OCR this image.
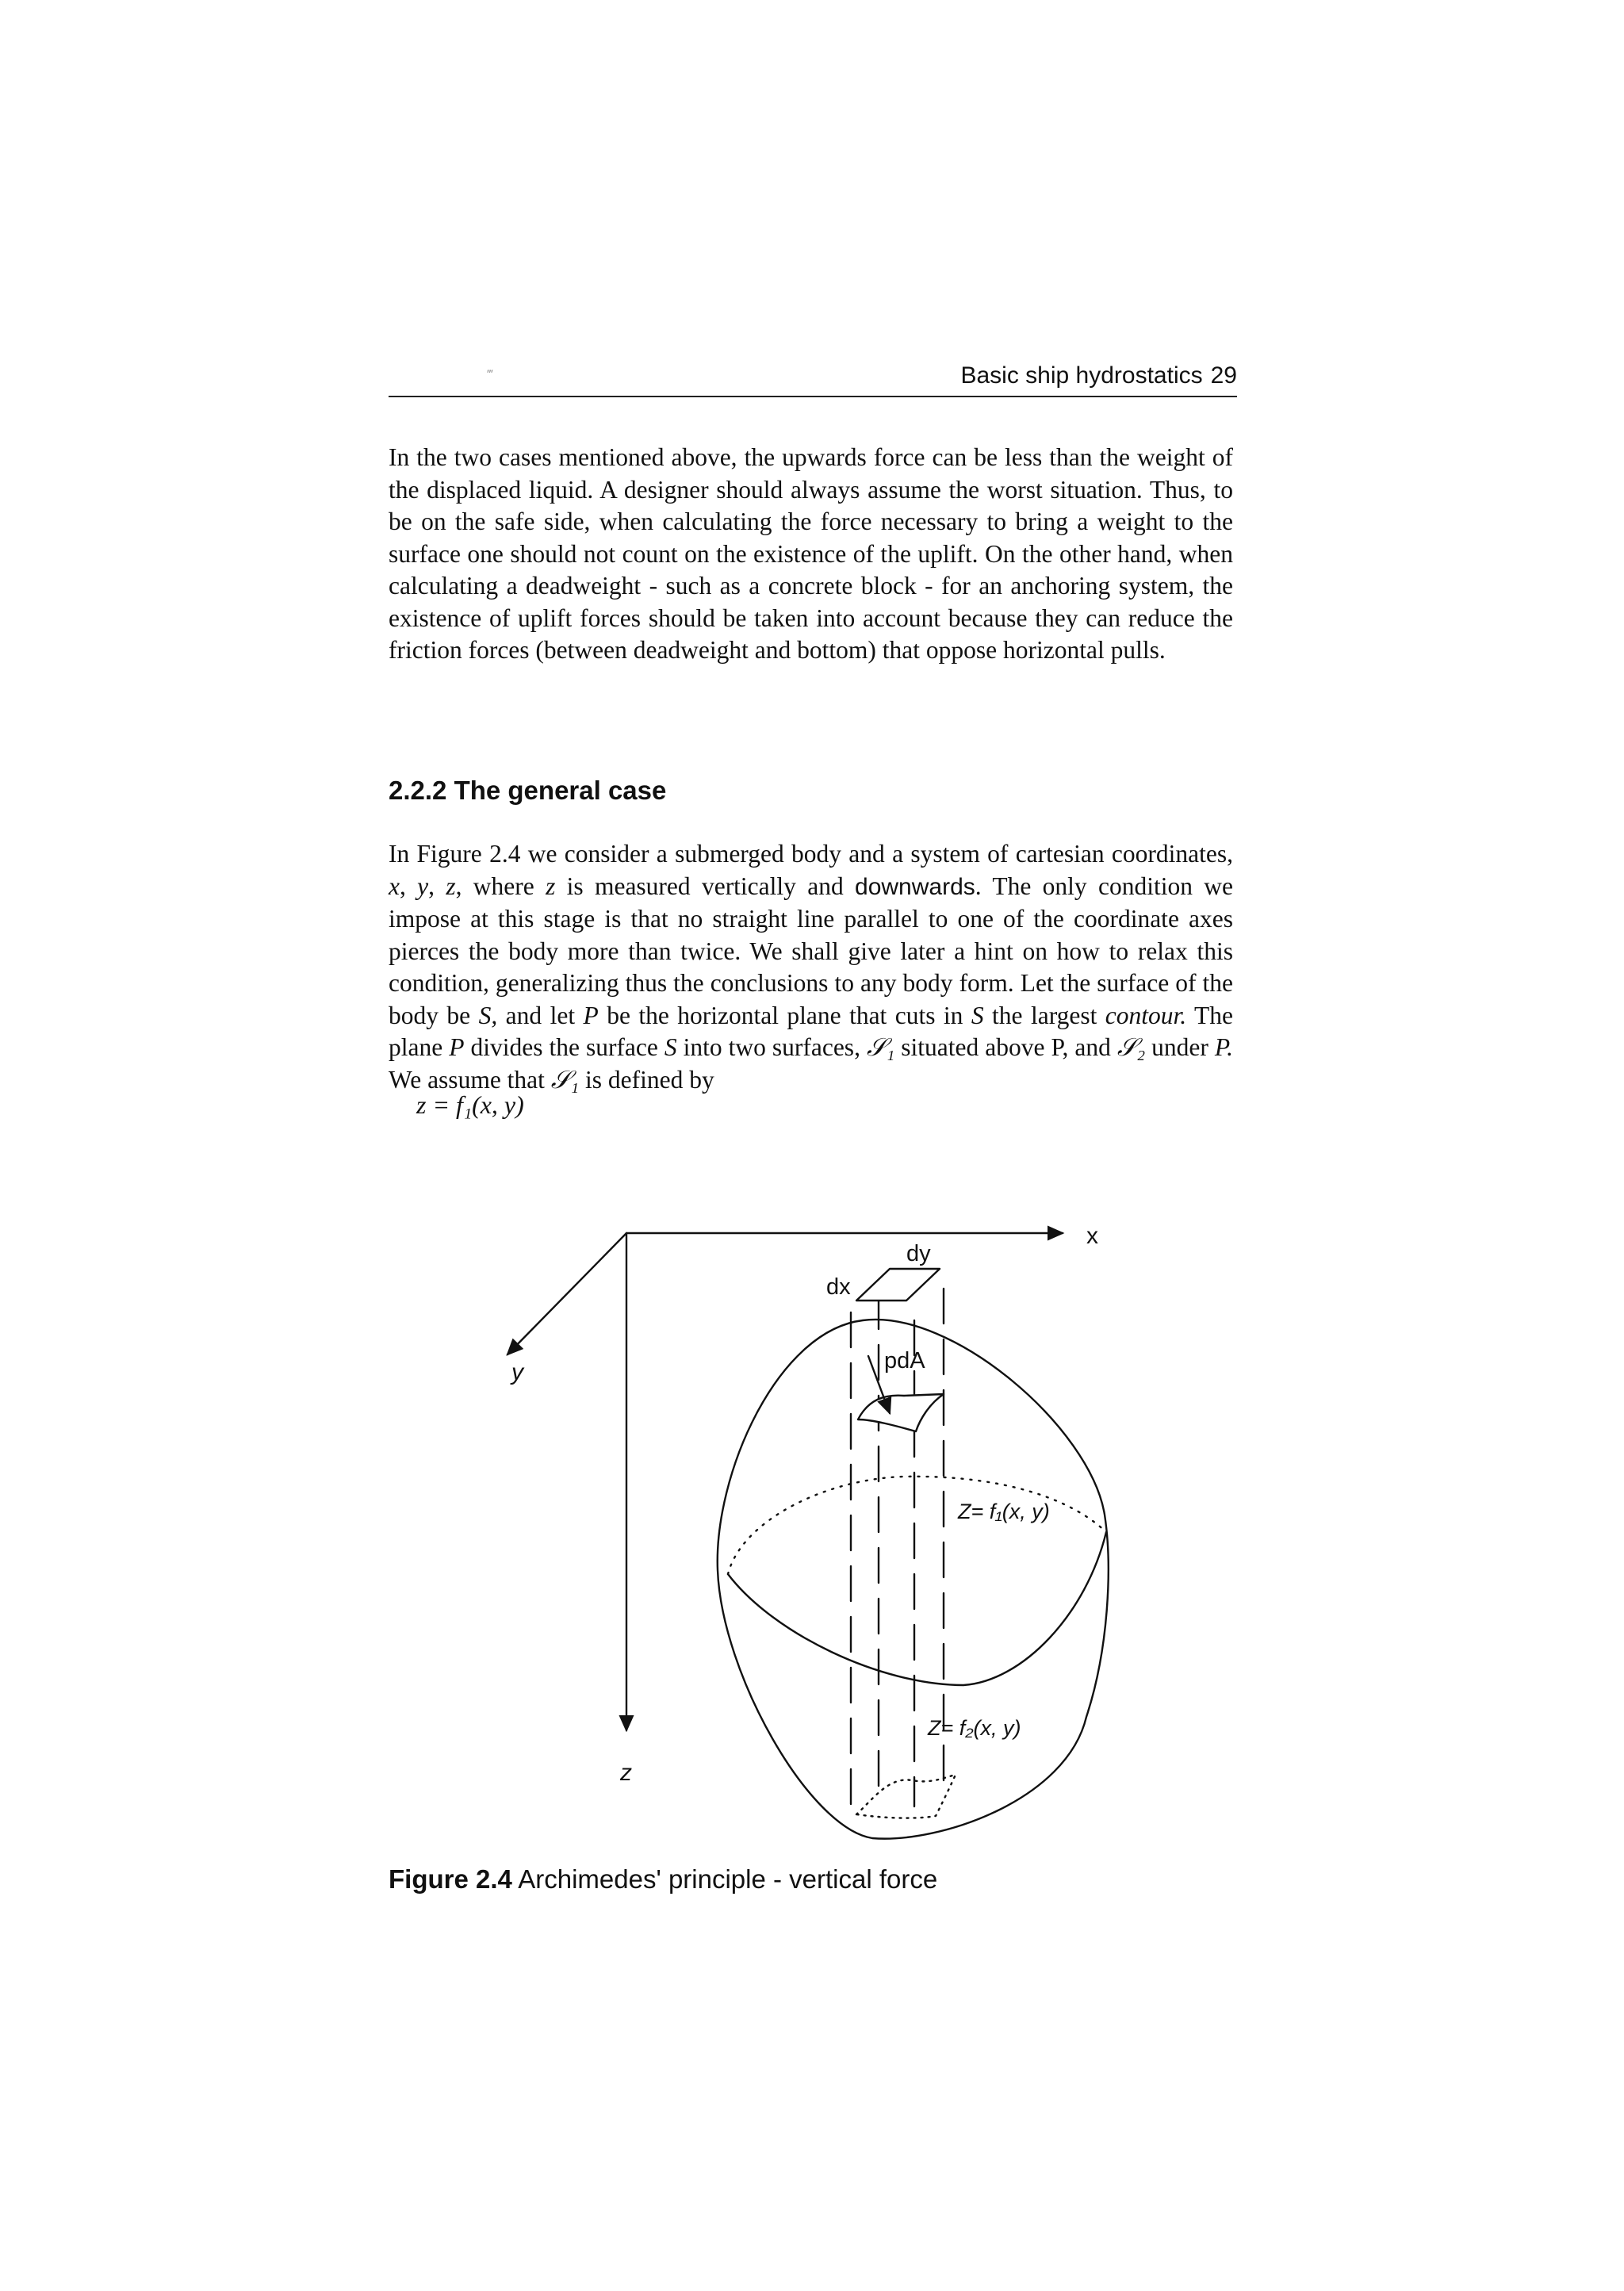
′″	Basic ship hydrostatics 29

In the two cases mentioned above, the upwards force can be less than the weight of the displaced liquid. A designer should always assume the worst situation. Thus, to be on the safe side, when calculating the force necessary to bring a weight to the surface one should not count on the existence of the uplift. On the other hand, when calculating a deadweight - such as a concrete block - for an anchoring system, the existence of uplift forces should be taken into account because they can reduce the friction forces (between deadweight and bottom) that oppose horizontal pulls.

2.2.2 The general case

In Figure 2.4 we consider a submerged body and a system of cartesian coordinates, x, y, z, where z is measured vertically and downwards. The only condition we impose at this stage is that no straight line parallel to one of the coordinate axes pierces the body more than twice. We shall give later a hint on how to relax this condition, generalizing thus the conclusions to any body form. Let the surface of the body be S, and let P be the horizontal plane that cuts in S the largest contour. The plane P divides the surface S into two surfaces, 𝒮₁ situated above P, and 𝒮₂ under P. We assume that 𝒮₁ is defined by

z = f₁(x, y)
x
y
z
dy
dx
pdA
Z= f₁(x, y)
Z= f₂(x, y)

Figure 2.4 Archimedes' principle - vertical force
